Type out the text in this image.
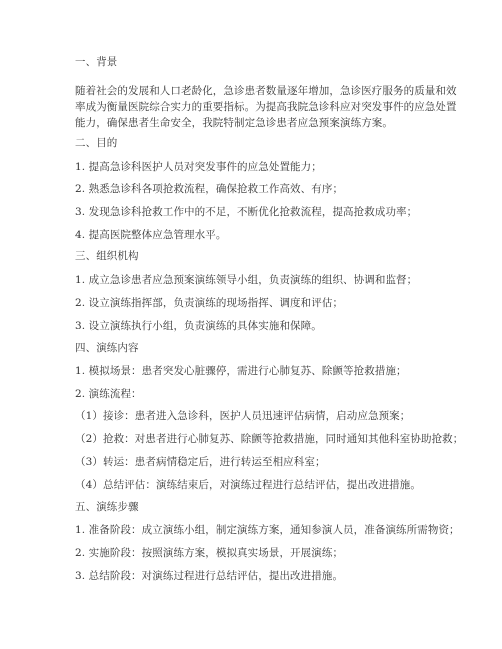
一、背景
随着社会的发展和人口老龄化，急诊患者数量逐年增加，急诊医疗服务的质量和效
率成为衡量医院综合实力的重要指标。为提高我院急诊科应对突发事件的应急处置
能力，确保患者生命安全，我院特制定急诊患者应急预案演练方案。
二、目的
1. 提高急诊科医护人员对突发事件的应急处置能力；
2. 熟悉急诊科各项抢救流程，确保抢救工作高效、有序；
3. 发现急诊科抢救工作中的不足，不断优化抢救流程，提高抢救成功率；
4. 提高医院整体应急管理水平。
三、组织机构
1. 成立急诊患者应急预案演练领导小组，负责演练的组织、协调和监督；
2. 设立演练指挥部，负责演练的现场指挥、调度和评估；
3. 设立演练执行小组，负责演练的具体实施和保障。
四、演练内容
1. 模拟场景：患者突发心脏骤停，需进行心肺复苏、除颤等抢救措施；
2. 演练流程：
（1）接诊：患者进入急诊科，医护人员迅速评估病情，启动应急预案；
（2）抢救：对患者进行心肺复苏、除颤等抢救措施，同时通知其他科室协助抢救；
（3）转运：患者病情稳定后，进行转运至相应科室；
（4）总结评估：演练结束后，对演练过程进行总结评估，提出改进措施。
五、演练步骤
1. 准备阶段：成立演练小组，制定演练方案，通知参演人员，准备演练所需物资；
2. 实施阶段：按照演练方案，模拟真实场景，开展演练；
3. 总结阶段：对演练过程进行总结评估，提出改进措施。
